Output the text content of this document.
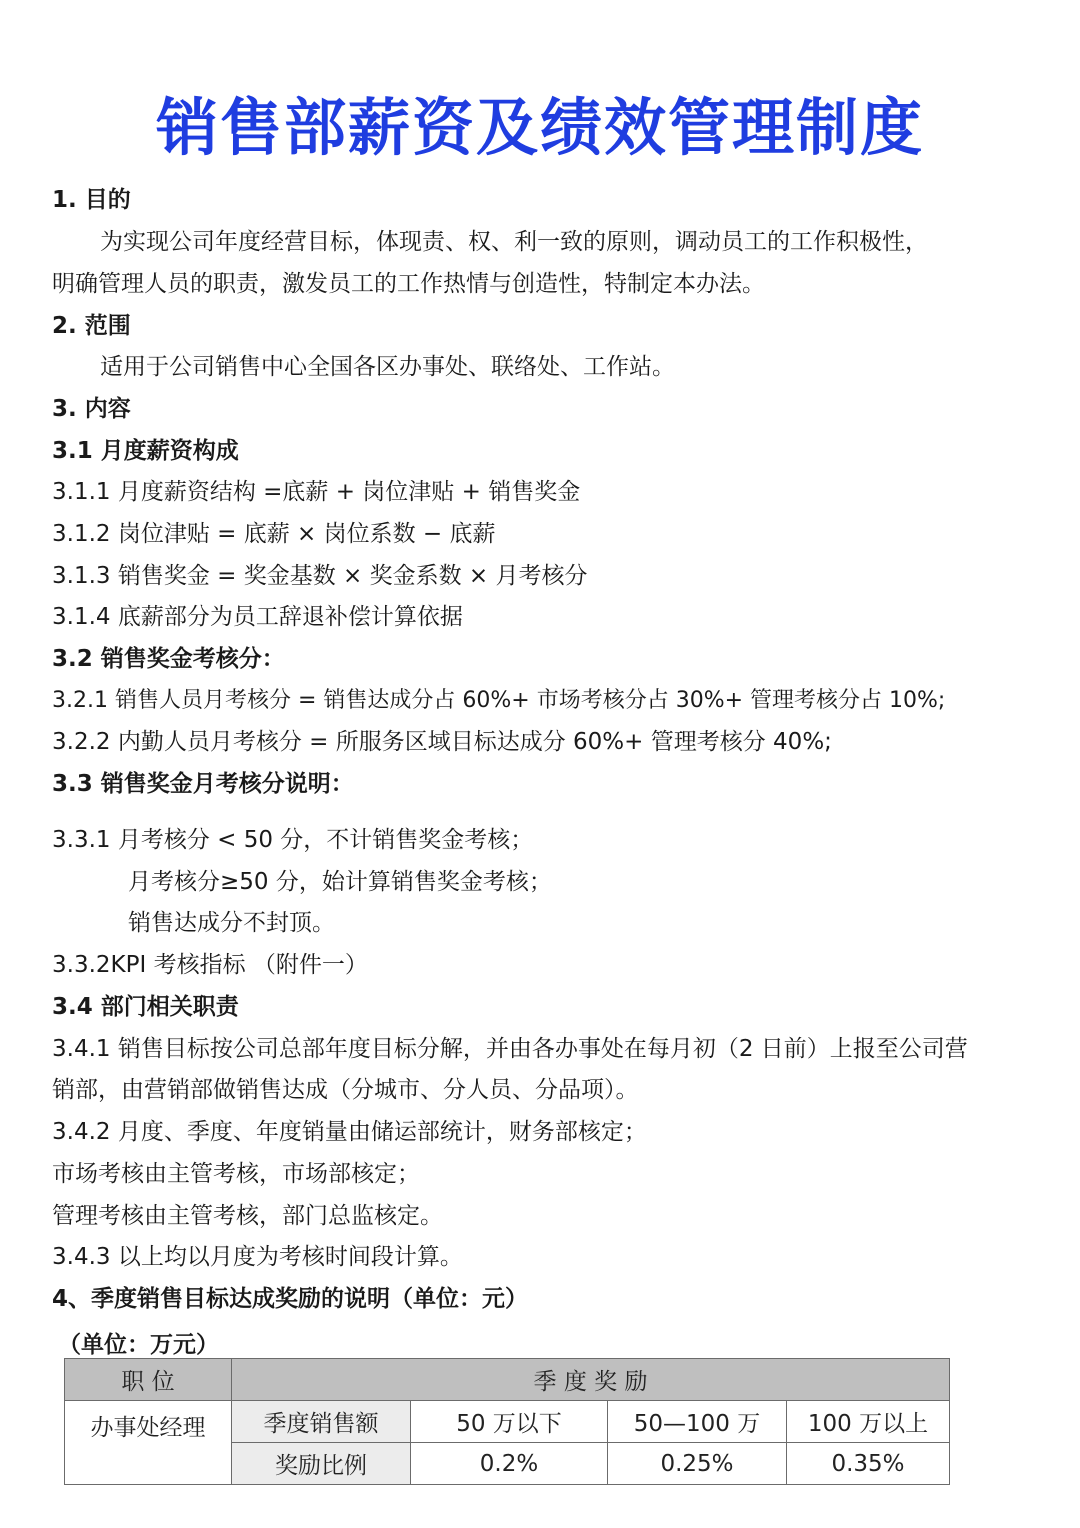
销售部薪资及绩效管理制度
1. 目的
为实现公司年度经营目标，体现责、权、利一致的原则，调动员工的工作积极性，
明确管理人员的职责，激发员工的工作热情与创造性，特制定本办法。
2. 范围
适用于公司销售中心全国各区办事处、联络处、工作站。
3. 内容
3.1 月度薪资构成
3.1.1 月度薪资结构 =底薪 + 岗位津贴 + 销售奖金
3.1.2 岗位津贴 = 底薪 × 岗位系数 − 底薪
3.1.3 销售奖金 = 奖金基数 × 奖金系数 × 月考核分
3.1.4 底薪部分为员工辞退补偿计算依据
3.2 销售奖金考核分：
3.2.1 销售人员月考核分 = 销售达成分占 60%+ 市场考核分占 30%+ 管理考核分占 10%;
3.2.2 内勤人员月考核分 = 所服务区域目标达成分 60%+ 管理考核分 40%;
3.3 销售奖金月考核分说明：
3.3.1 月考核分 < 50 分，不计销售奖金考核；
月考核分≥50 分，始计算销售奖金考核；
销售达成分不封顶。
3.3.2KPI 考核指标 （附件一）
3.4 部门相关职责
3.4.1 销售目标按公司总部年度目标分解，并由各办事处在每月初（2 日前）上报至公司营
销部，由营销部做销售达成（分城市、分人员、分品项）。
3.4.2 月度、季度、年度销量由储运部统计，财务部核定；
市场考核由主管考核，市场部核定；
管理考核由主管考核，部门总监核定。
3.4.3 以上均以月度为考核时间段计算。
4、季度销售目标达成奖励的说明（单位：元）
（单位：万元）
职 位	季 度 奖 励			
办事处经理	季度销售额	50 万以下	50—100 万	100 万以上
	奖励比例	0.2%	0.25%	0.35%
